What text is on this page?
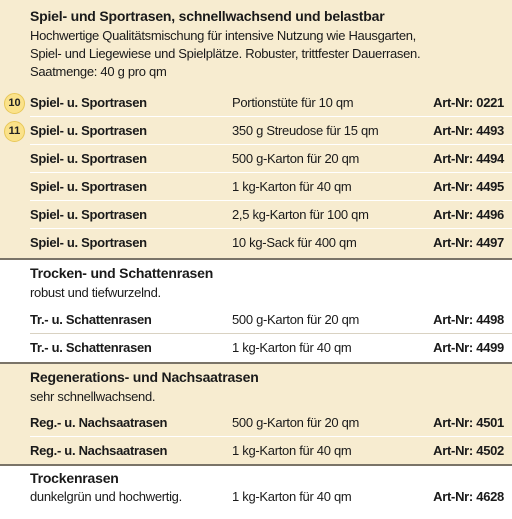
Spiel- und Sportrasen, schnellwachsend und belastbar
Hochwertige Qualitätsmischung für intensive Nutzung wie Hausgarten,
Spiel- und Liegewiese und Spielplätze. Robuster, trittfester Dauerrasen.
Saatmenge: 40 g pro qm
10 Spiel- u. Sportrasen	Portionstüte für 10 qm	Art-Nr: 0221
11 Spiel- u. Sportrasen	350 g Streudose für 15 qm	Art-Nr: 4493
Spiel- u. Sportrasen	500 g-Karton für 20 qm	Art-Nr: 4494
Spiel- u. Sportrasen	1 kg-Karton für 40 qm	Art-Nr: 4495
Spiel- u. Sportrasen	2,5 kg-Karton für 100 qm	Art-Nr: 4496
Spiel- u. Sportrasen	10 kg-Sack für 400 qm	Art-Nr: 4497
Trocken- und Schattenrasen
robust und tiefwurzelnd.
Tr.- u. Schattenrasen	500 g-Karton für 20 qm	Art-Nr: 4498
Tr.- u. Schattenrasen	1 kg-Karton für 40 qm	Art-Nr: 4499
Regenerations- und Nachsaatrasen
sehr schnellwachsend.
Reg.- u. Nachsaatrasen	500 g-Karton für 20 qm	Art-Nr: 4501
Reg.- u. Nachsaatrasen	1 kg-Karton für 40 qm	Art-Nr: 4502
Trockenrasen
dunkelgrün und hochwertig.	1 kg-Karton für 40 qm	Art-Nr: 4628
